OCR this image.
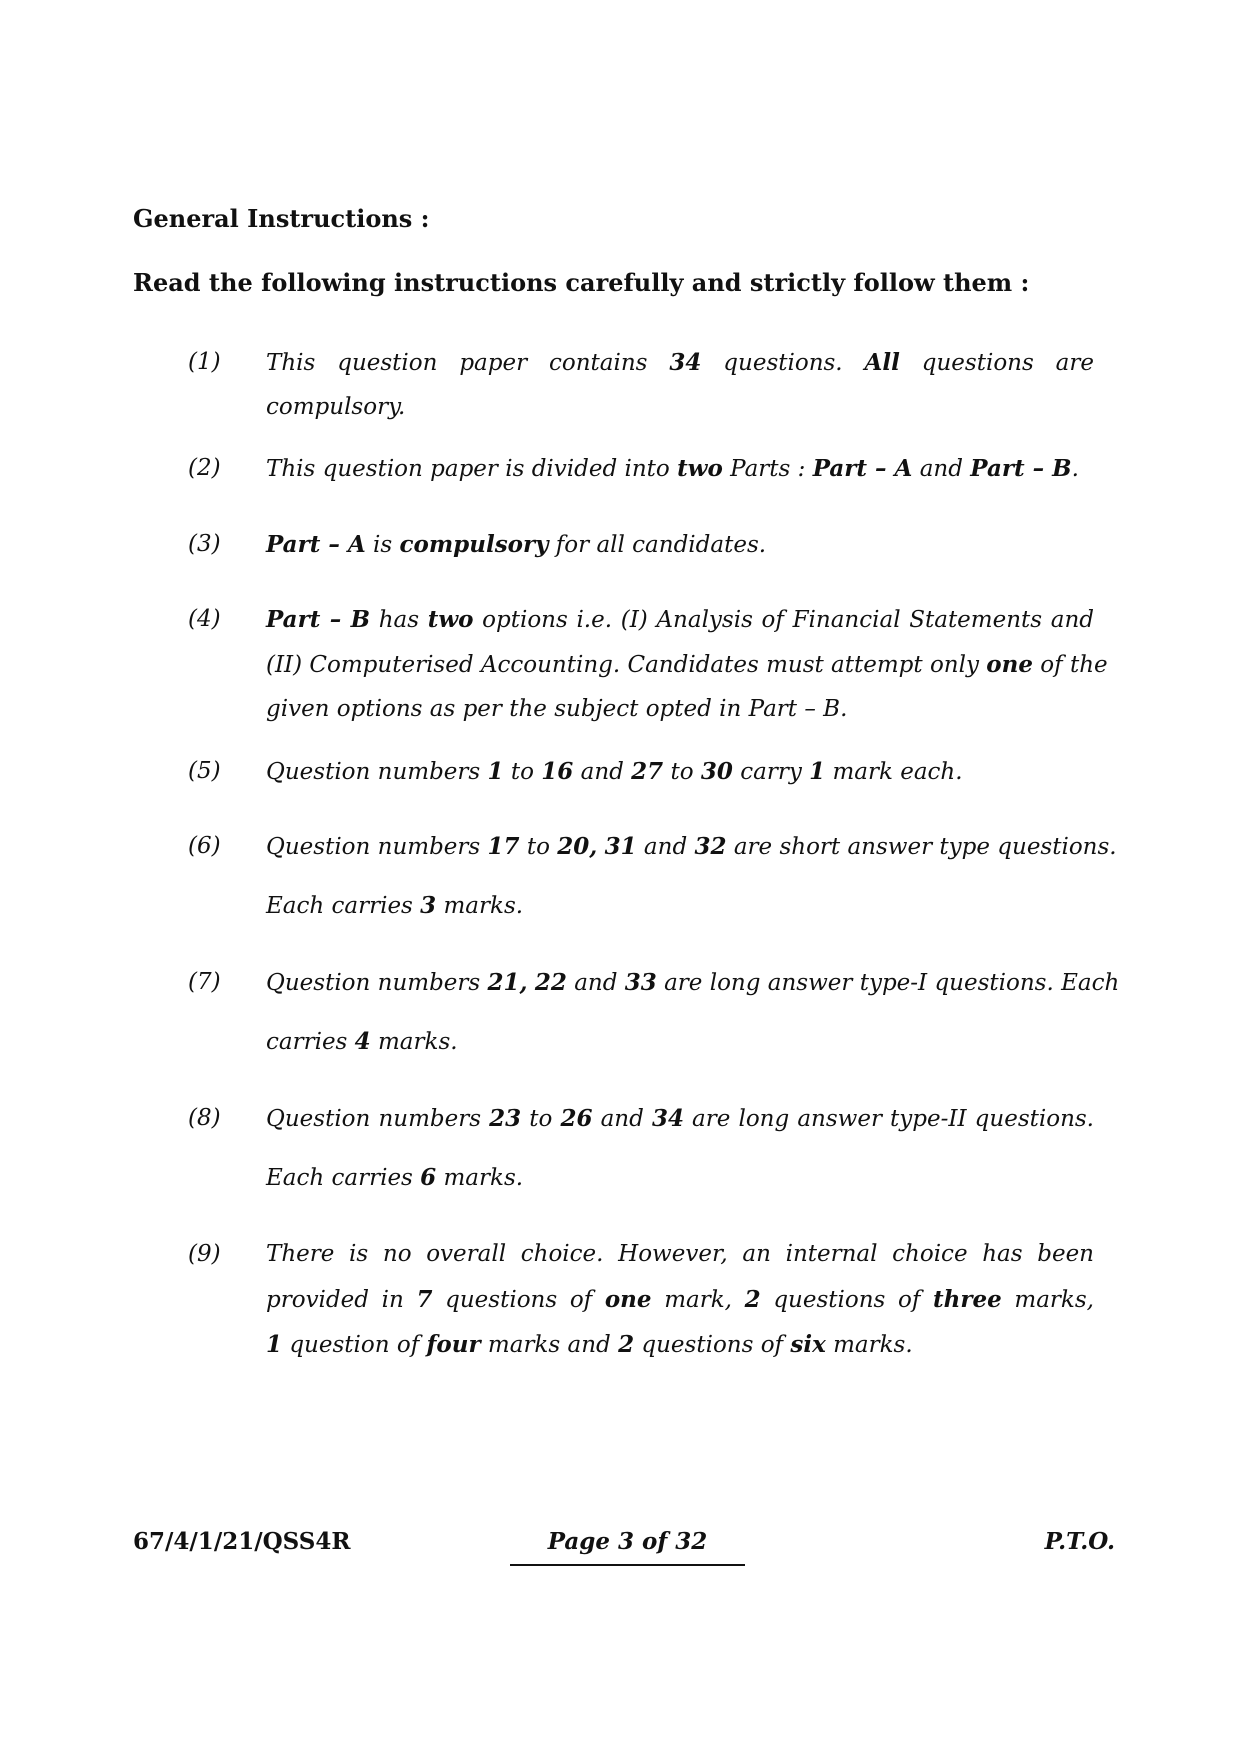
General Instructions :
Read the following instructions carefully and strictly follow them :
(1) This question paper contains 34 questions. All questions are
compulsory.
(2) This question paper is divided into two Parts : Part – A and Part – B.
(3) Part – A is compulsory for all candidates.
(4) Part – B has two options i.e. (I) Analysis of Financial Statements and
(II) Computerised Accounting. Candidates must attempt only one of the
given options as per the subject opted in Part – B.
(5) Question numbers 1 to 16 and 27 to 30 carry 1 mark each.
(6) Question numbers 17 to 20, 31 and 32 are short answer type questions.
Each carries 3 marks.
(7) Question numbers 21, 22 and 33 are long answer type-I questions. Each
carries 4 marks.
(8) Question numbers 23 to 26 and 34 are long answer type-II questions.
Each carries 6 marks.
(9) There is no overall choice. However, an internal choice has been
provided in 7 questions of one mark, 2 questions of three marks,
1 question of four marks and 2 questions of six marks.
67/4/1/21/QSS4R	Page 3 of 32	P.T.O.
